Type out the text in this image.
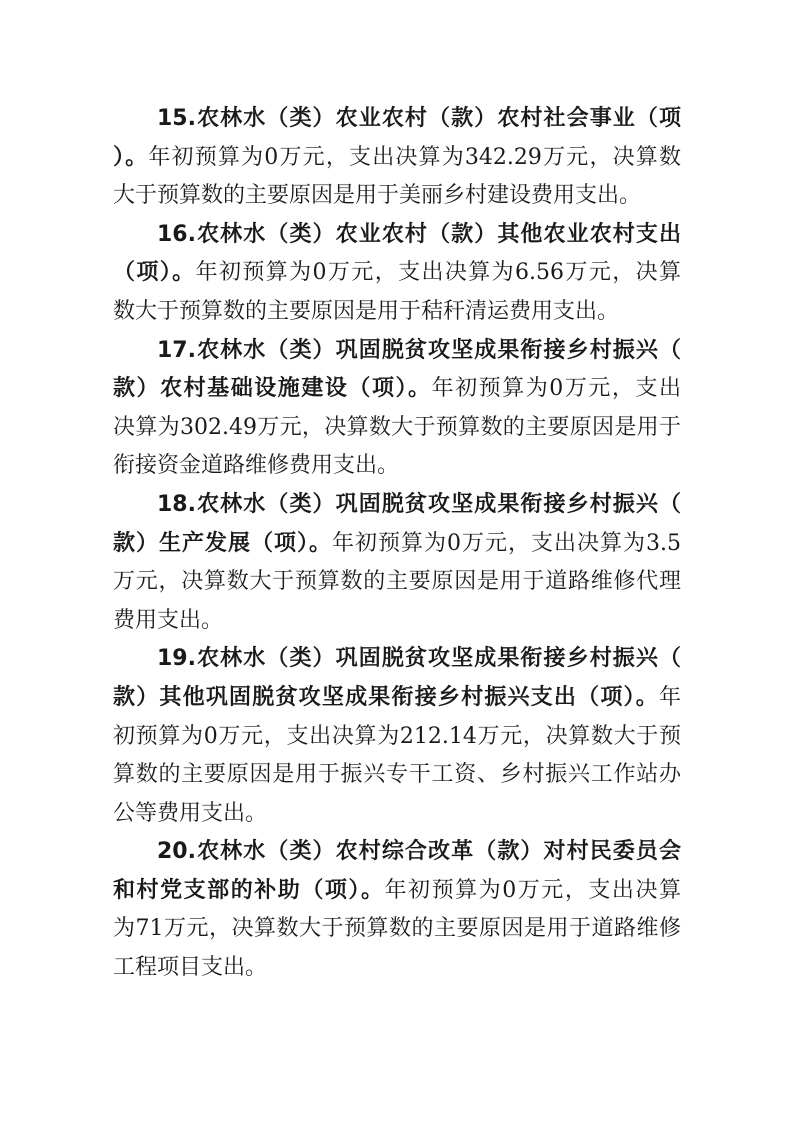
15.农林水（类）农业农村（款）农村社会事业（项
）。年初预算为0万元，支出决算为342.29万元，决算数
大于预算数的主要原因是用于美丽乡村建设费用支出。
16.农林水（类）农业农村（款）其他农业农村支出
（项）。年初预算为0万元，支出决算为6.56万元，决算
数大于预算数的主要原因是用于秸秆清运费用支出。
17.农林水（类）巩固脱贫攻坚成果衔接乡村振兴（
款）农村基础设施建设（项）。年初预算为0万元，支出
决算为302.49万元，决算数大于预算数的主要原因是用于
衔接资金道路维修费用支出。
18.农林水（类）巩固脱贫攻坚成果衔接乡村振兴（
款）生产发展（项）。年初预算为0万元，支出决算为3.5
万元，决算数大于预算数的主要原因是用于道路维修代理
费用支出。
19.农林水（类）巩固脱贫攻坚成果衔接乡村振兴（
款）其他巩固脱贫攻坚成果衔接乡村振兴支出（项）。年
初预算为0万元，支出决算为212.14万元，决算数大于预
算数的主要原因是用于振兴专干工资、乡村振兴工作站办
公等费用支出。
20.农林水（类）农村综合改革（款）对村民委员会
和村党支部的补助（项）。年初预算为0万元，支出决算
为71万元，决算数大于预算数的主要原因是用于道路维修
工程项目支出。
